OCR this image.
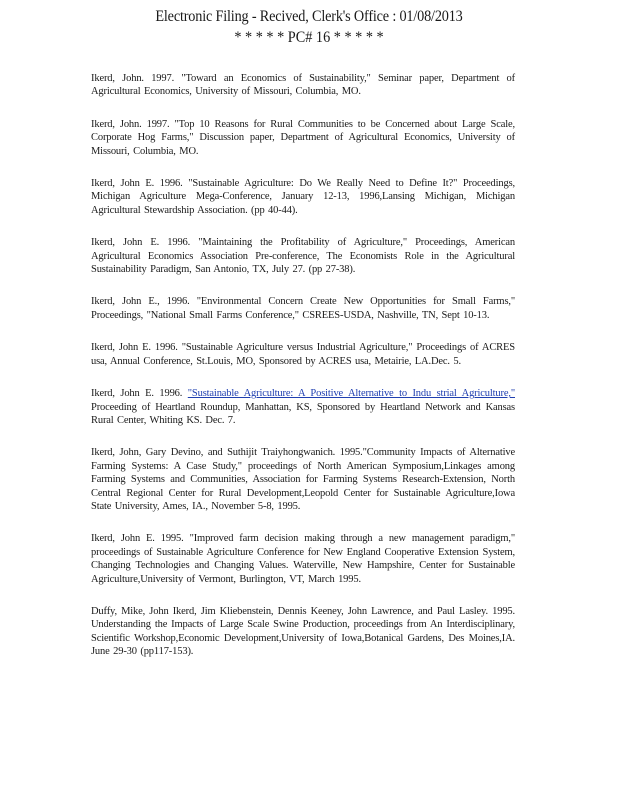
Electronic Filing - Recived, Clerk's Office : 01/08/2013
* * * * * PC# 16 * * * * *

Ikerd, John. 1997. "Toward an Economics of Sustainability," Seminar paper, Department of Agricultural Economics, University of Missouri, Columbia, MO.

Ikerd, John. 1997. "Top 10 Reasons for Rural Communities to be Concerned about Large Scale, Corporate Hog Farms," Discussion paper, Department of Agricultural Economics, University of Missouri, Columbia, MO.

Ikerd, John E. 1996. "Sustainable Agriculture: Do We Really Need to Define It?" Proceedings, Michigan Agriculture Mega-Conference, January 12-13, 1996,Lansing Michigan, Michigan Agricultural Stewardship Association. (pp 40-44).

Ikerd, John E. 1996. "Maintaining the Profitability of Agriculture," Proceedings, American Agricultural Economics Association Pre-conference, The Economists Role in the Agricultural Sustainability Paradigm, San Antonio, TX, July 27. (pp 27-38).

Ikerd, John E., 1996. "Environmental Concern Create New Opportunities for Small Farms," Proceedings, "National Small Farms Conference," CSREES-USDA, Nashville, TN, Sept 10-13.

Ikerd, John E. 1996. "Sustainable Agriculture versus Industrial Agriculture," Proceedings of ACRES usa, Annual Conference, St.Louis, MO, Sponsored by ACRES usa, Metairie, LA.Dec. 5.

Ikerd, John E. 1996. "Sustainable Agriculture: A Positive Alternative to Indu strial Agriculture," Proceeding of Heartland Roundup, Manhattan, KS, Sponsored by Heartland Network and Kansas Rural Center, Whiting KS. Dec. 7.

Ikerd, John, Gary Devino, and Suthijit Traiyhongwanich. 1995."Community Impacts of Alternative Farming Systems: A Case Study," proceedings of North American Symposium,Linkages among Farming Systems and Communities, Association for Farming Systems Research-Extension, North Central Regional Center for Rural Development,Leopold Center for Sustainable Agriculture,Iowa State University, Ames, IA., November 5-8, 1995.

Ikerd, John E. 1995. "Improved farm decision making through a new management paradigm," proceedings of Sustainable Agriculture Conference for New England Cooperative Extension System, Changing Technologies and Changing Values. Waterville, New Hampshire, Center for Sustainable Agriculture,University of Vermont, Burlington, VT, March 1995.

Duffy, Mike, John Ikerd, Jim Kliebenstein, Dennis Keeney, John Lawrence, and Paul Lasley. 1995. Understanding the Impacts of Large Scale Swine Production, proceedings from An Interdisciplinary, Scientific Workshop,Economic Development,University of Iowa,Botanical Gardens, Des Moines,IA. June 29-30 (pp117-153).
